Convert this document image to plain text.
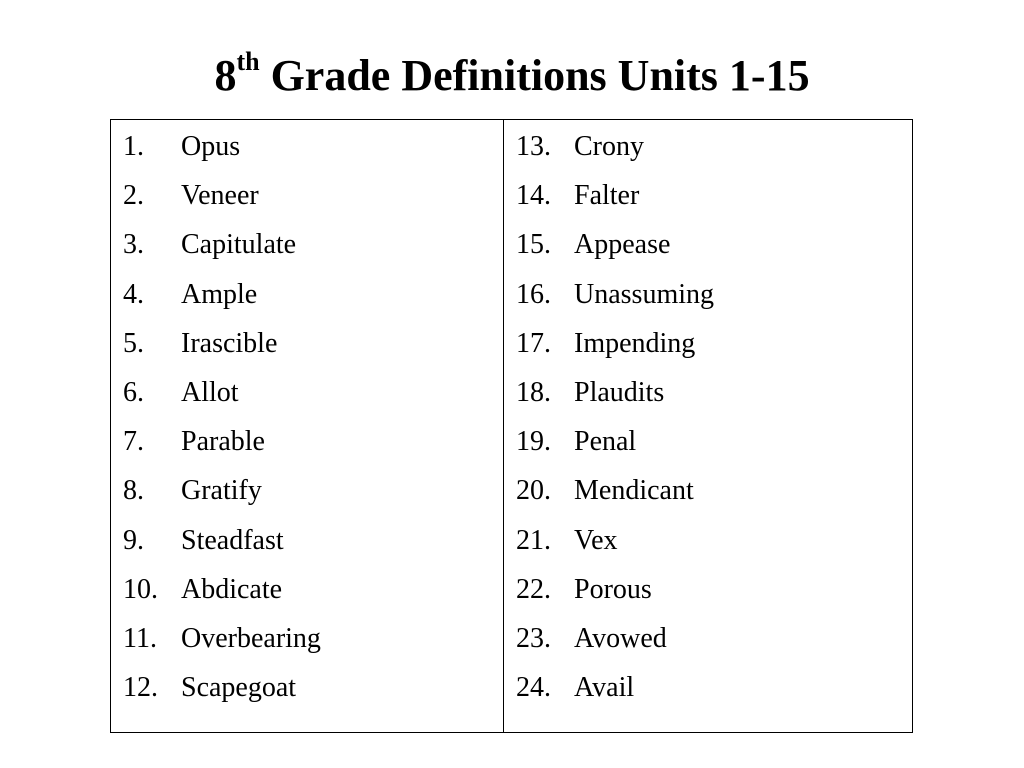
8th Grade Definitions Units 1-15
1.	Opus
2.	Veneer
3.	Capitulate
4.	Ample
5.	Irascible
6.	Allot
7.	Parable
8.	Gratify
9.	Steadfast
10. Abdicate
11. Overbearing
12. Scapegoat
13. Crony
14. Falter
15. Appease
16. Unassuming
17. Impending
18. Plaudits
19. Penal
20. Mendicant
21. Vex
22. Porous
23. Avowed
24. Avail
